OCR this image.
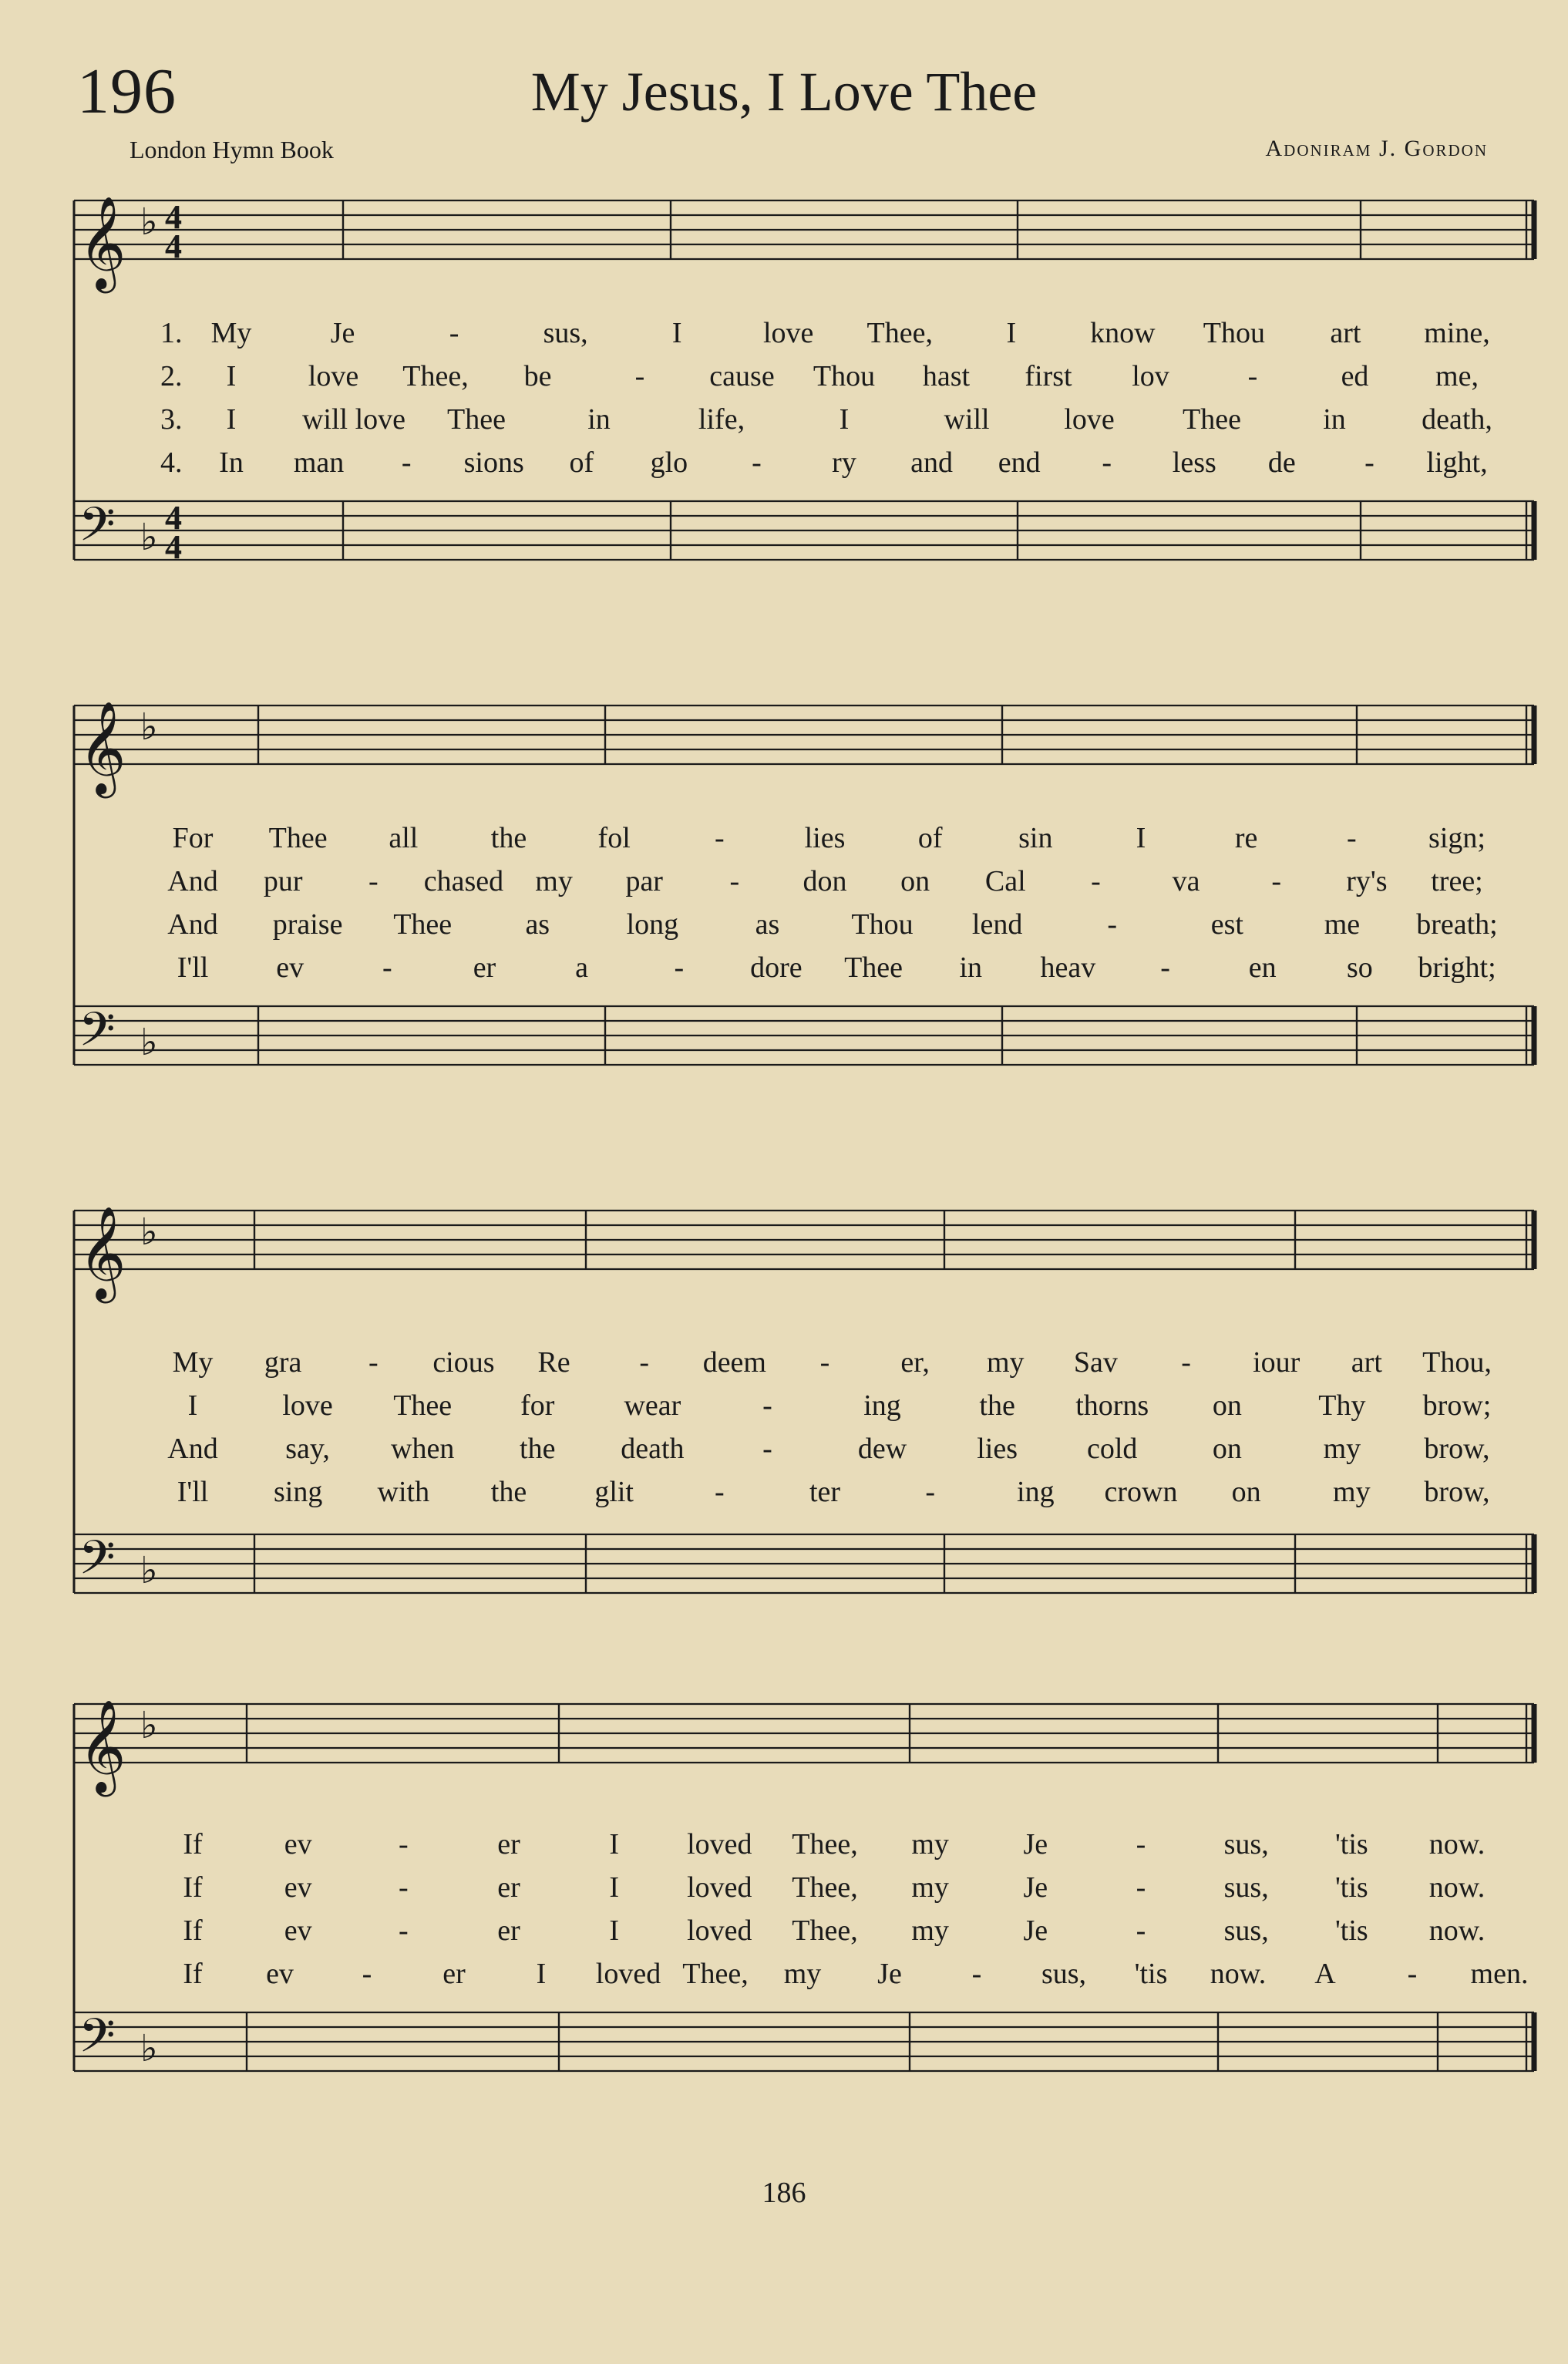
196	My Jesus, I Love Thee
London Hymn Book	Adoniram J. Gordon
𝄞 ♭ 4
4
1. My	Je	-	sus,	I	love Thee,	I	know Thou art mine,
2. I love Thee, be	- cause Thou hast first lov	-	ed me,
3. I will love Thee	in	life,	I	will	love Thee	in	death,
4. In man - sions of glo - ry and end - less de - light,
𝄢 ♭ 4
4
𝄞 ♭
For Thee all the fol	-	lies of	sin	I	re	- sign;
And pur - chased my par - don on Cal - va - ry's tree;
And praise Thee	as	long	as Thou lend	-	est	me breath;
I'll ev	-	er	a	- dore Thee in heav -	en so bright;
𝄢 ♭
𝄞 ♭
My gra - cious Re - deem - er, my Sav - iour art Thou,
I	love Thee for wear	-	ing	the thorns on	Thy brow;
And say, when the death	-	dew lies cold	on	my brow,
I'll sing with the glit	-	ter	-	ing crown on my brow,
𝄢 ♭
𝄞 ♭
If	ev	-	er	I loved Thee, my	Je	-	sus, 'tis now.
If	ev	-	er	I loved Thee, my	Je	-	sus, 'tis now.
If	ev	-	er	I loved Thee, my	Je	-	sus, 'tis now.
If ev - er I loved Thee, my Je - sus, 'tis now. A - men.
𝄢 ♭
186
